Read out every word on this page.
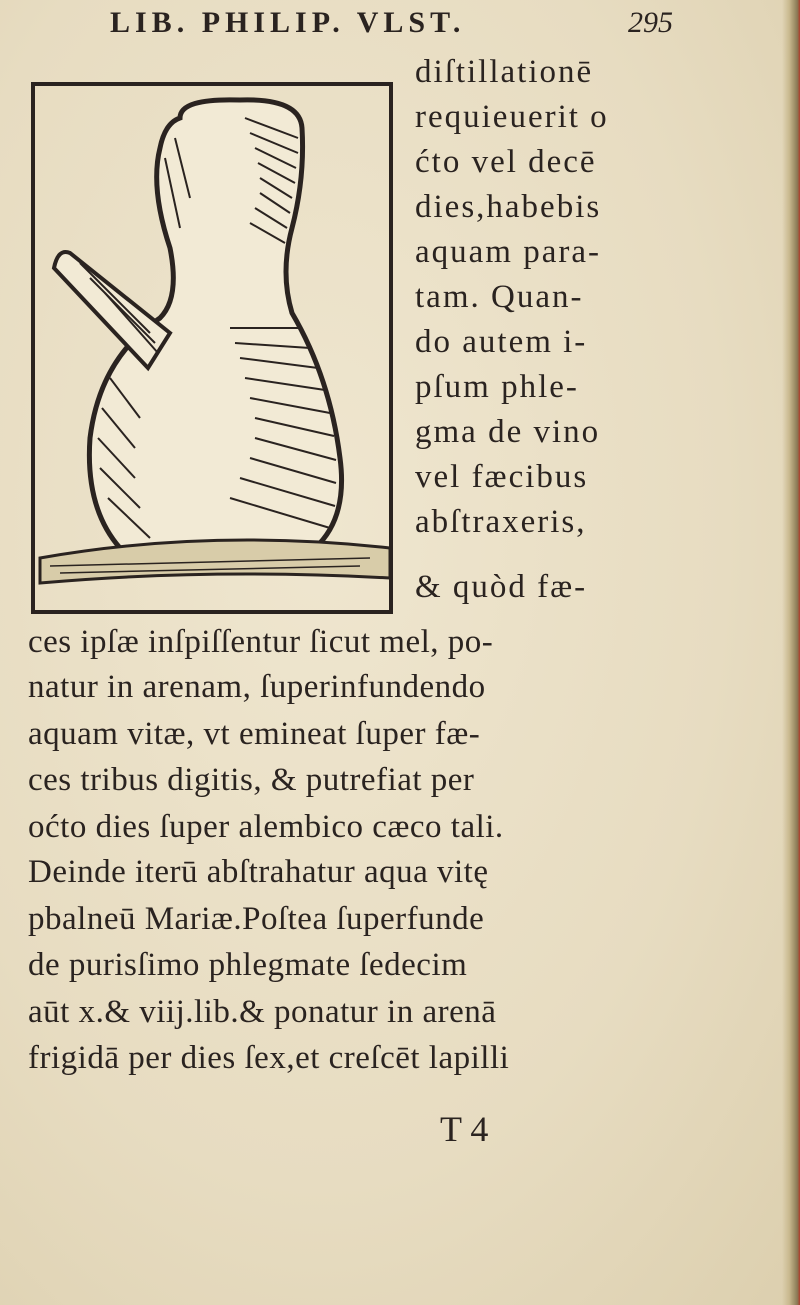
LIB. PHILIP. VLST.	295
diſtillationē
requieuerit o
ćto vel decē
dies,habebis
aquam para-
tam. Quan-
do autem i-
pſum phle-
gma de vino
vel fæcibus
abſtraxeris,
& quòd fæ-
ces ipſæ inſpiſſentur ſicut mel, po-
natur in arenam, ſuperinfundendo
aquam vitæ, vt emineat ſuper fæ-
ces tribus digitis, & putrefiat per
oćto dies ſuper alembico cæco tali.
Deinde iterū abſtrahatur aqua vitę
pbalneū Mariæ.Poſtea ſuperfunde
de purisſimo phlegmate ſedecim
aūt x.& viij.lib.& ponatur in arenā
frigidā per dies ſex,et creſcēt lapilli
T 4
